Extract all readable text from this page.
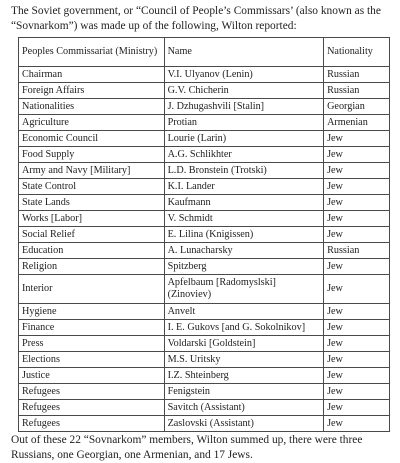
The Soviet government, or “Council of People’s Commissars’ (also known as the “Sovnarkom”) was made up of the following, Wilton reported:

Peoples Commissariat (Ministry)	Name	Nationality
Chairman	V.I. Ulyanov (Lenin)	Russian
Foreign Affairs	G.V. Chicherin	Russian
Nationalities	J. Dzhugashvili [Stalin]	Georgian
Agriculture	Protian	Armenian
Economic Council	Lourie (Larin)	Jew
Food Supply	A.G. Schlikhter	Jew
Army and Navy [Military]	L.D. Bronstein (Trotski)	Jew
State Control	K.I. Lander	Jew
State Lands	Kaufmann	Jew
Works [Labor]	V. Schmidt	Jew
Social Relief	E. Lilina (Knigissen)	Jew
Education	A. Lunacharsky	Russian
Religion	Spitzberg	Jew
Interior	Apfelbaum [Radomyslski] (Zinoviev)	Jew
Hygiene	Anvelt	Jew
Finance	I. E. Gukovs [and G. Sokolnikov]	Jew
Press	Voldarski [Goldstein]	Jew
Elections	M.S. Uritsky	Jew
Justice	I.Z. Shteinberg	Jew
Refugees	Fenigstein	Jew
Refugees	Savitch (Assistant)	Jew
Refugees	Zaslovski (Assistant)	Jew

Out of these 22 “Sovnarkom” members, Wilton summed up, there were three Russians, one Georgian, one Armenian, and 17 Jews.
